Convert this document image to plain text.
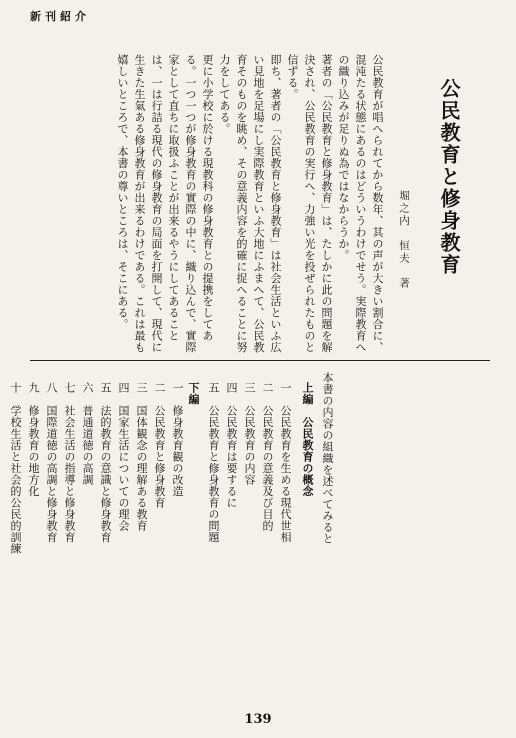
新刊紹介
公民教育と修身教育
堀之内　恒夫　著
公民教育が唱へられてから数年、其の声が大きい割合に、混沌たる状態にあるのはどういうわけでせう。実際教育への織り込みが足りぬ為ではなからうか。
著者の「公民教育と修身教育」は、たしかに此の問題を解決され、公民教育の実行へ、力強い光を投ぜられたものと信ずる。
即ち、著者の「公民教育と修身教育」は社会生活といふ広い見地を足場にし実際教育といふ大地にふまへて、公民教育そのものを眺め、その意義内容を的確に捉へることに努力をしてある。
更に小学校に於ける現教科の修身教育との提携をしてある。一つ一つが修身教育の實際の中に、織り込んで、實際家として直ちに取扱ふことが出来るやうにしてあることは、一は行詰る現代の修身教育の局面を打開して、現代に生きた生氣ある修身教育が出来るわけである。これは最も嬉しいところで、本書の尊いところは、そこにある。
本書の内容の組織を述べてみると
上編　公民教育の概念
一　公民教育を生める現代世相
二　公民教育の意義及び目的
三　公民教育の内容
四　公民教育は要するに
五　公民教育と修身教育の問題
下編
一　修身教育観の改造
二　公民教育と修身教育
三　国体観念の理解ある教育
四　国家生活についての理会
五　法的教育の意識と修身教育
六　普通道徳の高調
七　社会生活の指導と修身教育
八　国際道徳の高調と修身教育
九　修身教育の地方化
十　学校生活と社会的公民的訓練
139
